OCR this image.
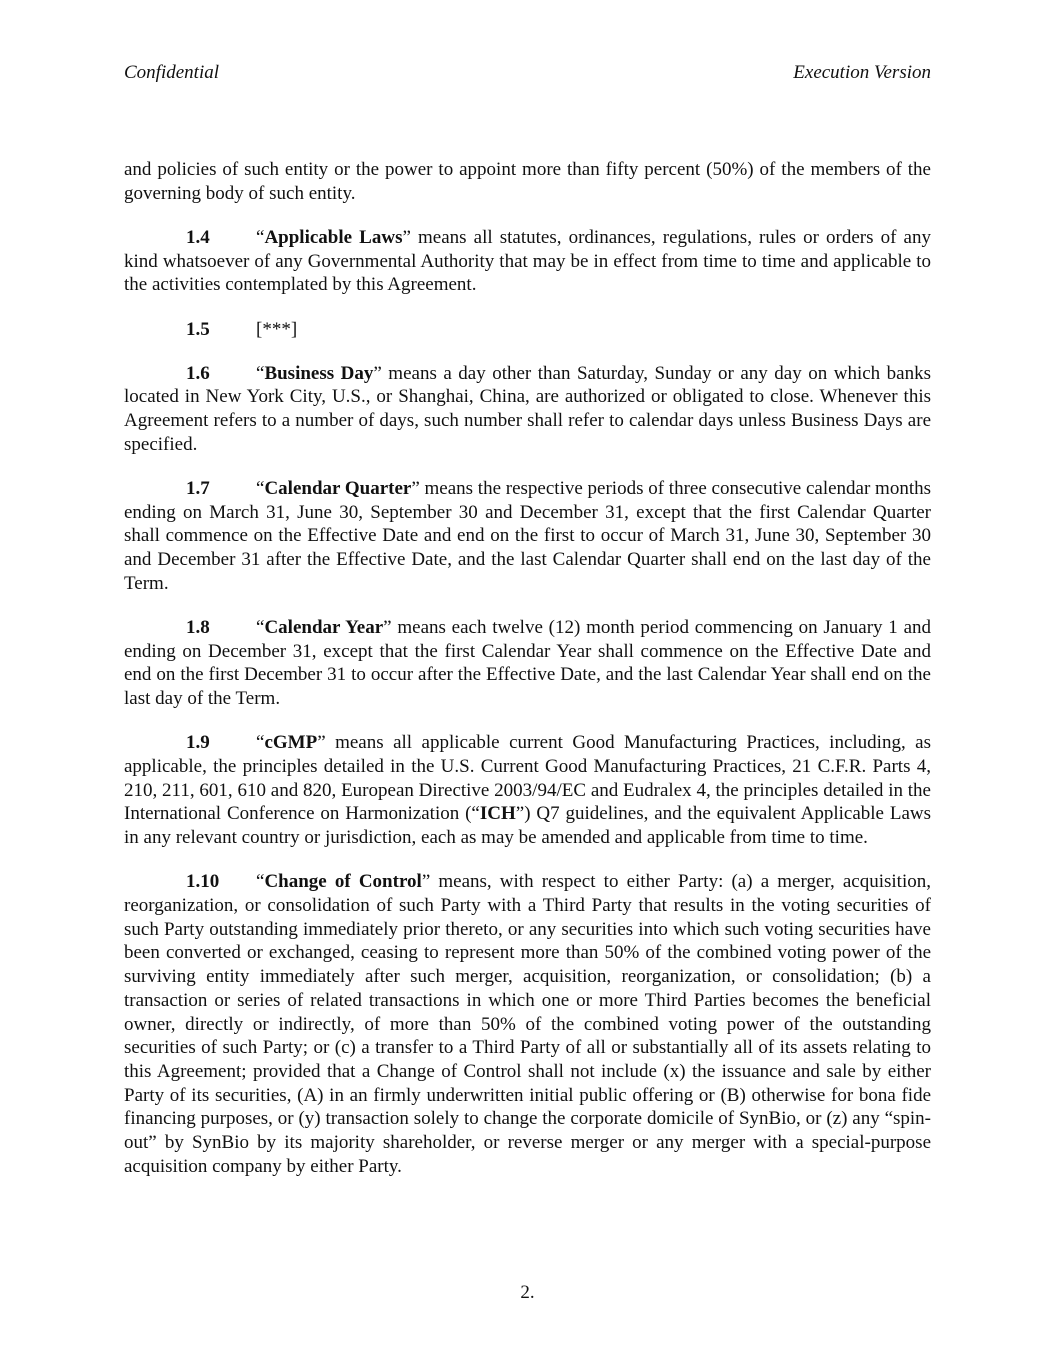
Confidential	Execution Version

and policies of such entity or the power to appoint more than fifty percent (50%) of the members of the governing body of such entity.

1.4 “Applicable Laws” means all statutes, ordinances, regulations, rules or orders of any kind whatsoever of any Governmental Authority that may be in effect from time to time and applicable to the activities contemplated by this Agreement.

1.5 [***]

1.6 “Business Day” means a day other than Saturday, Sunday or any day on which banks located in New York City, U.S., or Shanghai, China, are authorized or obligated to close. Whenever this Agreement refers to a number of days, such number shall refer to calendar days unless Business Days are specified.

1.7 “Calendar Quarter” means the respective periods of three consecutive calendar months ending on March 31, June 30, September 30 and December 31, except that the first Calendar Quarter shall commence on the Effective Date and end on the first to occur of March 31, June 30, September 30 and December 31 after the Effective Date, and the last Calendar Quarter shall end on the last day of the Term.

1.8 “Calendar Year” means each twelve (12) month period commencing on January 1 and ending on December 31, except that the first Calendar Year shall commence on the Effective Date and end on the first December 31 to occur after the Effective Date, and the last Calendar Year shall end on the last day of the Term.

1.9 “cGMP” means all applicable current Good Manufacturing Practices, including, as applicable, the principles detailed in the U.S. Current Good Manufacturing Practices, 21 C.F.R. Parts 4, 210, 211, 601, 610 and 820, European Directive 2003/94/EC and Eudralex 4, the principles detailed in the International Conference on Harmonization (“ICH”) Q7 guidelines, and the equivalent Applicable Laws in any relevant country or jurisdiction, each as may be amended and applicable from time to time.

1.10 “Change of Control” means, with respect to either Party: (a) a merger, acquisition, reorganization, or consolidation of such Party with a Third Party that results in the voting securities of such Party outstanding immediately prior thereto, or any securities into which such voting securities have been converted or exchanged, ceasing to represent more than 50% of the combined voting power of the surviving entity immediately after such merger, acquisition, reorganization, or consolidation; (b) a transaction or series of related transactions in which one or more Third Parties becomes the beneficial owner, directly or indirectly, of more than 50% of the combined voting power of the outstanding securities of such Party; or (c) a transfer to a Third Party of all or substantially all of its assets relating to this Agreement; provided that a Change of Control shall not include (x) the issuance and sale by either Party of its securities, (A) in an firmly underwritten initial public offering or (B) otherwise for bona fide financing purposes, or (y) transaction solely to change the corporate domicile of SynBio, or (z) any “spin-out” by SynBio by its majority shareholder, or reverse merger or any merger with a special-purpose acquisition company by either Party.

2.
